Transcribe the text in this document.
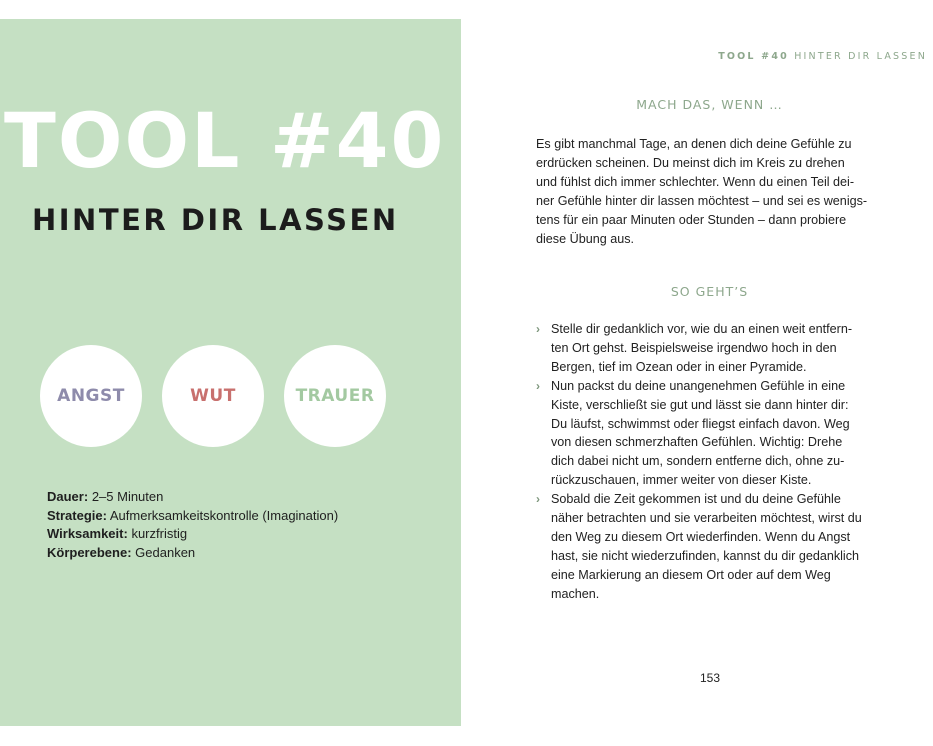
TOOL #40
HINTER DIR LASSEN
ANGST	WUT	TRAUER
Dauer: 2–5 Minuten
Strategie: Aufmerksamkeitskontrolle (Imagination)
Wirksamkeit: kurzfristig
Körperebene: Gedanken
TOOL #40 HINTER DIR LASSEN
MACH DAS, WENN …
Es gibt manchmal Tage, an denen dich deine Gefühle zu
erdrücken scheinen. Du meinst dich im Kreis zu drehen
und fühlst dich immer schlechter. Wenn du einen Teil dei-
ner Gefühle hinter dir lassen möchtest – und sei es wenigs-
tens für ein paar Minuten oder Stunden – dann probiere
diese Übung aus.
SO GEHT’S
› Stelle dir gedanklich vor, wie du an einen weit entfern-
ten Ort gehst. Beispielsweise irgendwo hoch in den
Bergen, tief im Ozean oder in einer Pyramide.
› Nun packst du deine unangenehmen Gefühle in eine
Kiste, verschließt sie gut und lässt sie dann hinter dir:
Du läufst, schwimmst oder fliegst einfach davon. Weg
von diesen schmerzhaften Gefühlen. Wichtig: Drehe
dich dabei nicht um, sondern entferne dich, ohne zu-
rückzuschauen, immer weiter von dieser Kiste.
› Sobald die Zeit gekommen ist und du deine Gefühle
näher betrachten und sie verarbeiten möchtest, wirst du
den Weg zu diesem Ort wiederfinden. Wenn du Angst
hast, sie nicht wiederzufinden, kannst du dir gedanklich
eine Markierung an diesem Ort oder auf dem Weg
machen.
153
